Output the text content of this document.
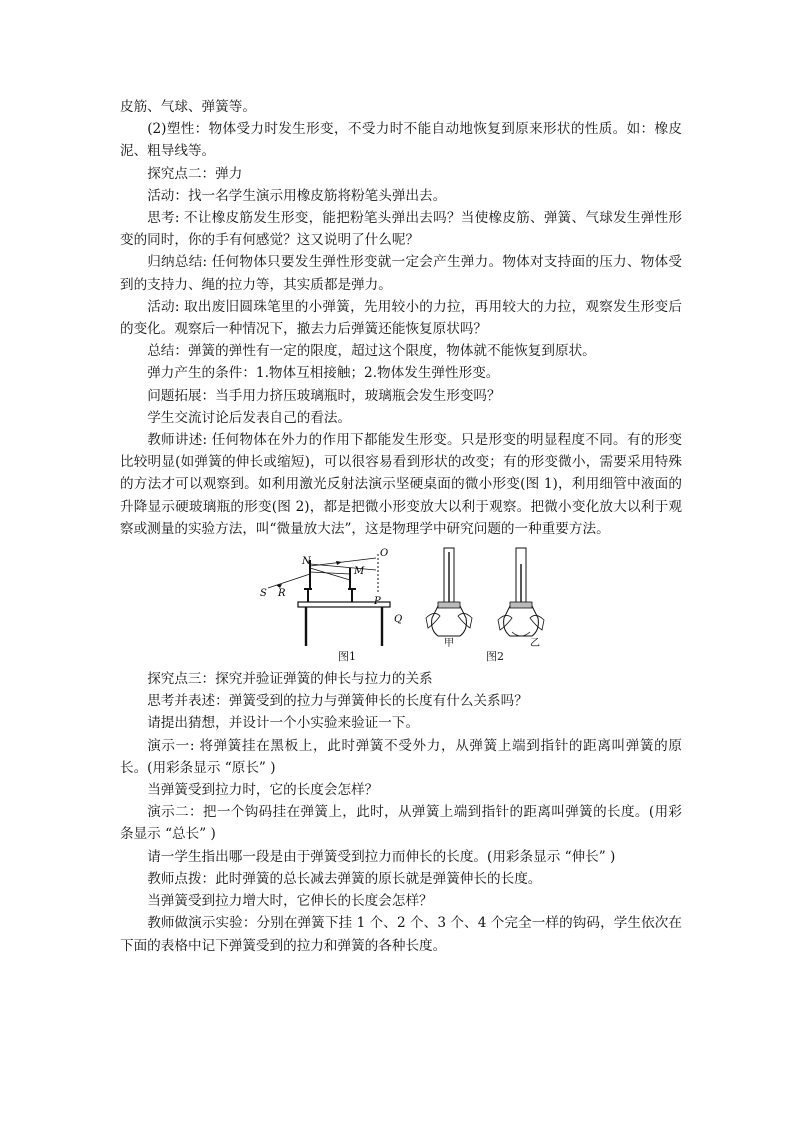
皮筋、气球、弹簧等。

(2)塑性：物体受力时发生形变，不受力时不能自动地恢复到原来形状的性质。如：橡皮泥、粗导线等。

探究点二：弹力

活动：找一名学生演示用橡皮筋将粉笔头弹出去。

思考: 不让橡皮筋发生形变，能把粉笔头弹出去吗？当使橡皮筋、弹簧、气球发生弹性形变的同时，你的手有何感觉？这又说明了什么呢？

归纳总结: 任何物体只要发生弹性形变就一定会产生弹力。物体对支持面的压力、物体受到的支持力、绳的拉力等，其实质都是弹力。

活动: 取出废旧圆珠笔里的小弹簧，先用较小的力拉，再用较大的力拉，观察发生形变后的变化。观察后一种情况下，撤去力后弹簧还能恢复原状吗？

总结：弹簧的弹性有一定的限度，超过这个限度，物体就不能恢复到原状。

弹力产生的条件：1.物体互相接触；2.物体发生弹性形变。

问题拓展：当手用力挤压玻璃瓶时，玻璃瓶会发生形变吗？

学生交流讨论后发表自己的看法。

教师讲述: 任何物体在外力的作用下都能发生形变。只是形变的明显程度不同。有的形变比较明显(如弹簧的伸长或缩短)，可以很容易看到形状的改变；有的形变微小，需要采用特殊的方法才可以观察到。如利用激光反射法演示坚硬桌面的微小形变(图 1)，利用细管中液面的升降显示硬玻璃瓶的形变(图 2)，都是把微小形变放大以利于观察。把微小变化放大以利于观察或测量的实验方法，叫“微量放大法”，这是物理学中研究问题的一种重要方法。

N
O
M
S R
P
Q
图1
甲	乙
图2

探究点三：探究并验证弹簧的伸长与拉力的关系

思考并表述：弹簧受到的拉力与弹簧伸长的长度有什么关系吗？

请提出猜想，并设计一个小实验来验证一下。

演示一: 将弹簧挂在黑板上，此时弹簧不受外力，从弹簧上端到指针的距离叫弹簧的原长。(用彩条显示 “原长” )

当弹簧受到拉力时，它的长度会怎样？

演示二：把一个钩码挂在弹簧上，此时，从弹簧上端到指针的距离叫弹簧的长度。(用彩条显示 “总长” )

请一学生指出哪一段是由于弹簧受到拉力而伸长的长度。(用彩条显示 “伸长” )

教师点拨：此时弹簧的总长减去弹簧的原长就是弹簧伸长的长度。

当弹簧受到拉力增大时，它伸长的长度会怎样？

教师做演示实验：分别在弹簧下挂 1 个、2 个、3 个、4 个完全一样的钩码，学生依次在下面的表格中记下弹簧受到的拉力和弹簧的各种长度。
